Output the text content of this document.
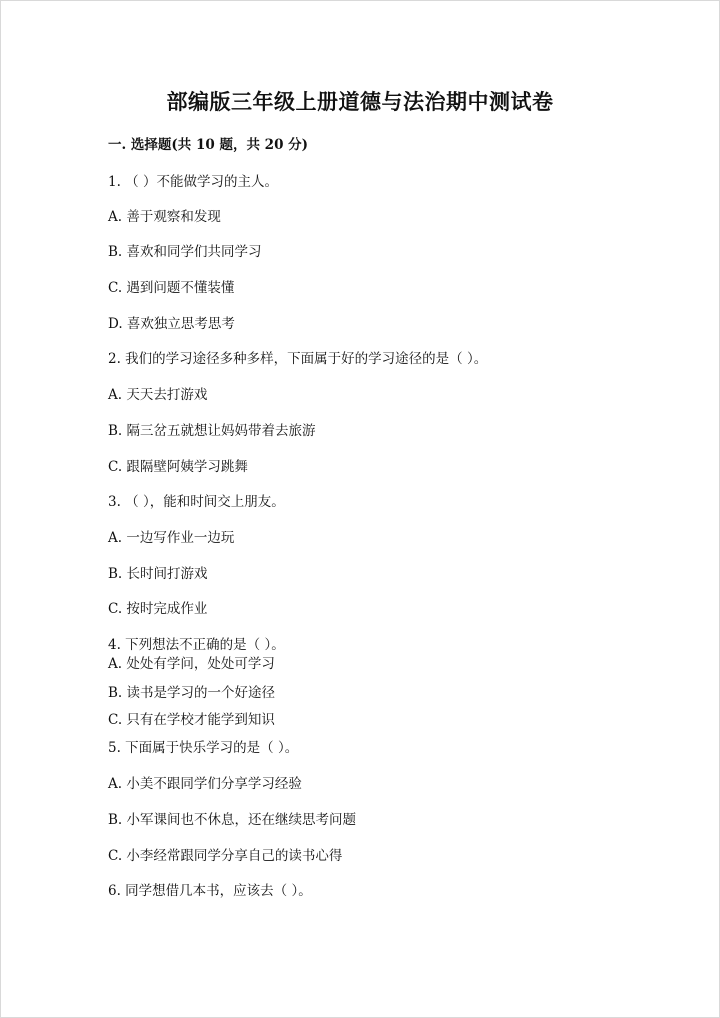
部编版三年级上册道德与法治期中测试卷
一. 选择题(共 10 题，共 20 分)
1. （ ）不能做学习的主人。
A. 善于观察和发现
B. 喜欢和同学们共同学习
C. 遇到问题不懂装懂
D. 喜欢独立思考思考
2. 我们的学习途径多种多样，下面属于好的学习途径的是（ ）。
A. 天天去打游戏
B. 隔三岔五就想让妈妈带着去旅游
C. 跟隔壁阿姨学习跳舞
3. （ ），能和时间交上朋友。
A. 一边写作业一边玩
B. 长时间打游戏
C. 按时完成作业
4. 下列想法不正确的是（ ）。
A. 处处有学问，处处可学习
B. 读书是学习的一个好途径
C. 只有在学校才能学到知识
5. 下面属于快乐学习的是（ ）。
A. 小美不跟同学们分享学习经验
B. 小军课间也不休息，还在继续思考问题
C. 小李经常跟同学分享自己的读书心得
6. 同学想借几本书，应该去（ ）。
